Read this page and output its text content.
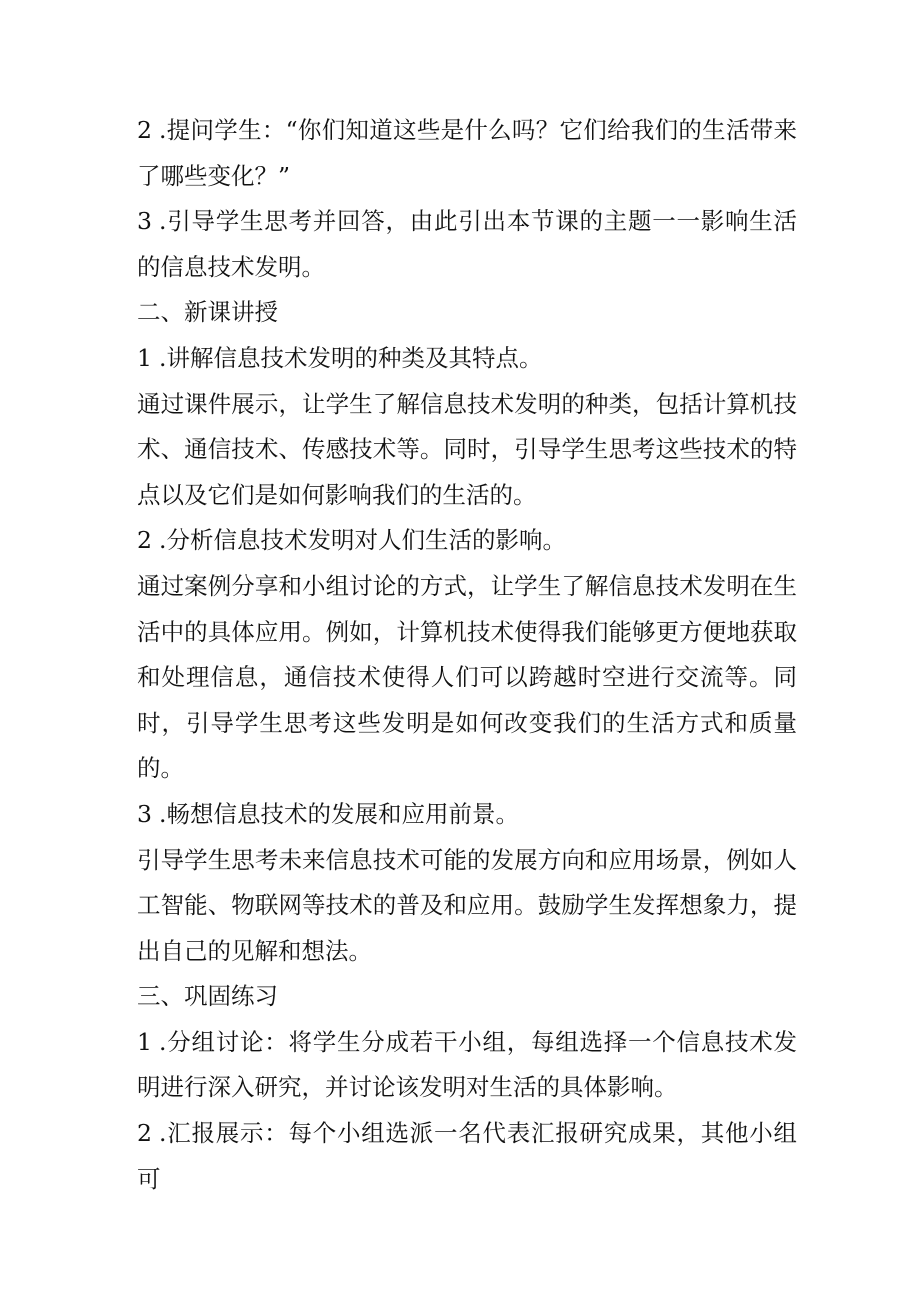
2 .提问学生：“你们知道这些是什么吗？它们给我们的生活带来了哪些变化？”

3 .引导学生思考并回答，由此引出本节课的主题一一影响生活的信息技术发明。

二、新课讲授

1 .讲解信息技术发明的种类及其特点。

通过课件展示，让学生了解信息技术发明的种类，包括计算机技术、通信技术、传感技术等。同时，引导学生思考这些技术的特点以及它们是如何影响我们的生活的。

2 .分析信息技术发明对人们生活的影响。

通过案例分享和小组讨论的方式，让学生了解信息技术发明在生活中的具体应用。例如，计算机技术使得我们能够更方便地获取和处理信息，通信技术使得人们可以跨越时空进行交流等。同时，引导学生思考这些发明是如何改变我们的生活方式和质量的。

3 .畅想信息技术的发展和应用前景。

引导学生思考未来信息技术可能的发展方向和应用场景，例如人工智能、物联网等技术的普及和应用。鼓励学生发挥想象力，提出自己的见解和想法。

三、巩固练习

1 .分组讨论：将学生分成若干小组，每组选择一个信息技术发明进行深入研究，并讨论该发明对生活的具体影响。

2 .汇报展示：每个小组选派一名代表汇报研究成果，其他小组可
